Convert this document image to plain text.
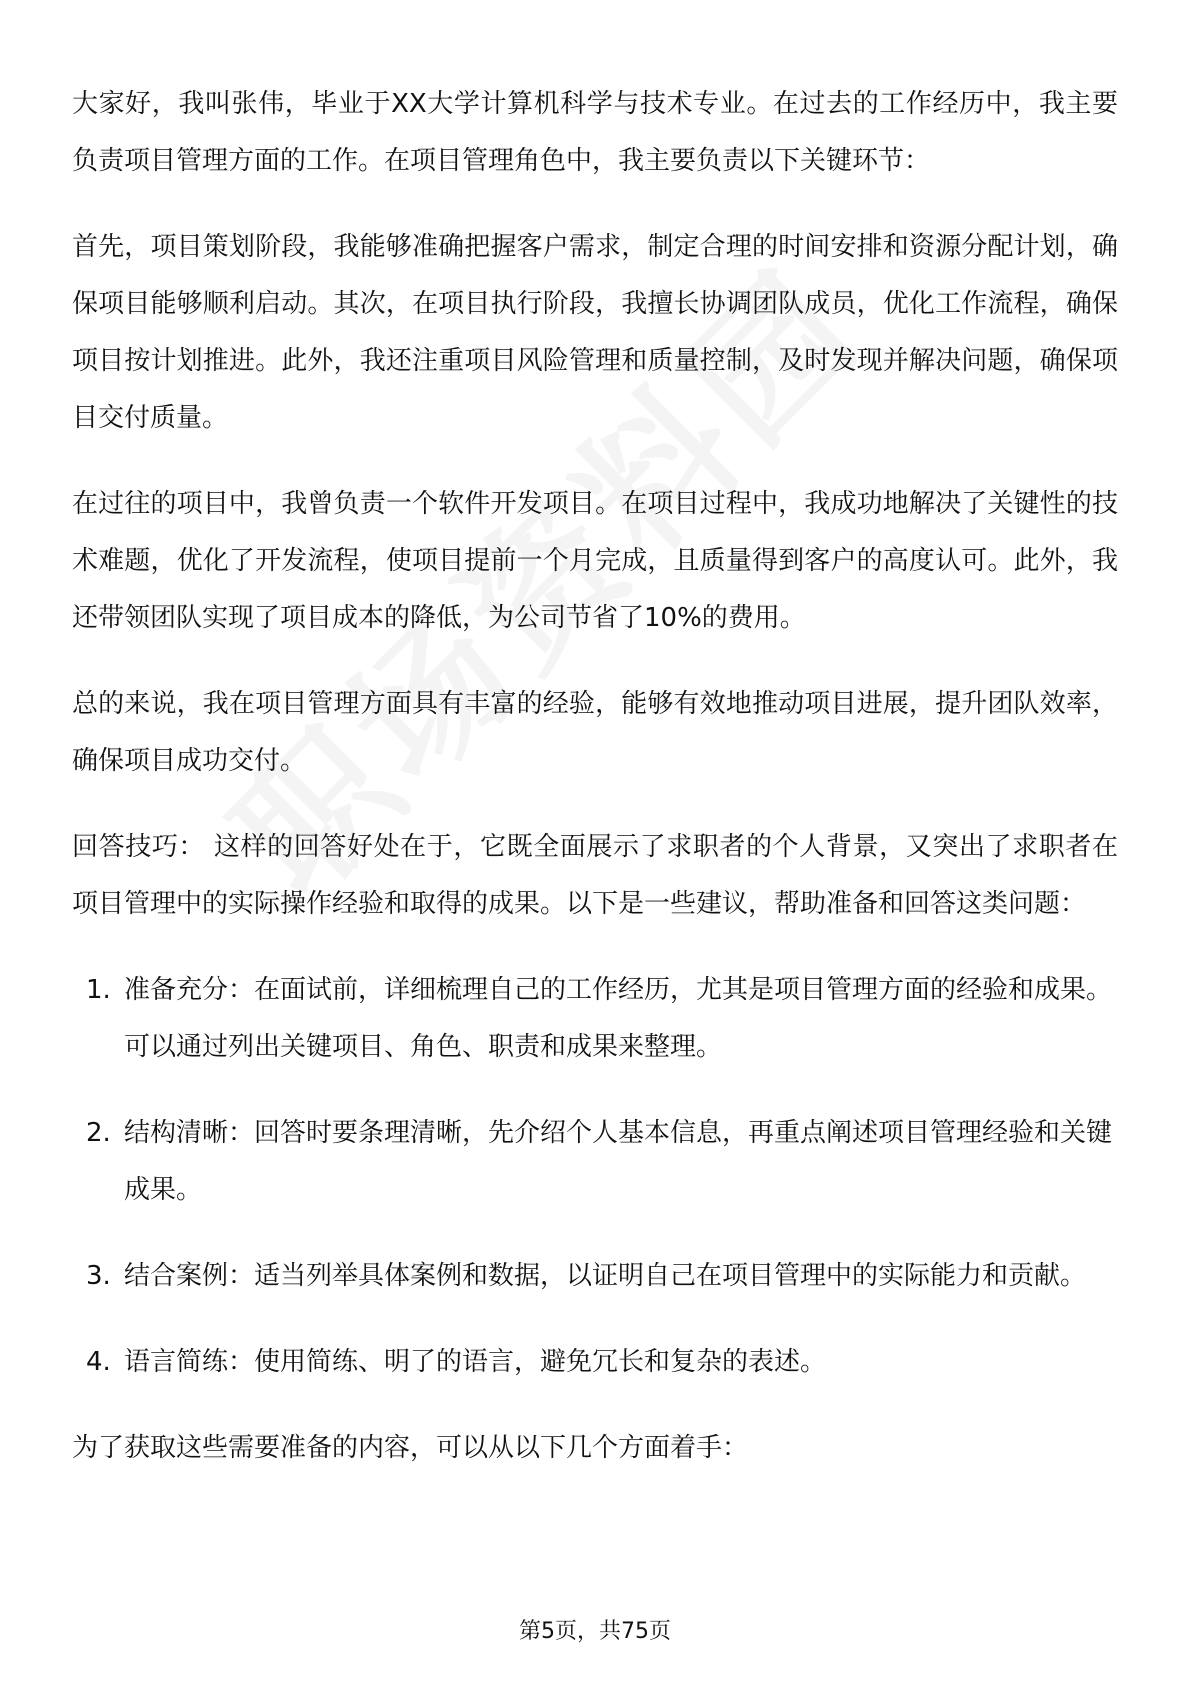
大家好，我叫张伟，毕业于XX大学计算机科学与技术专业。在过去的工作经历中，我主要负责项目管理方面的工作。在项目管理角色中，我主要负责以下关键环节：

首先，项目策划阶段，我能够准确把握客户需求，制定合理的时间安排和资源分配计划，确保项目能够顺利启动。其次，在项目执行阶段，我擅长协调团队成员，优化工作流程，确保项目按计划推进。此外，我还注重项目风险管理和质量控制，及时发现并解决问题，确保项目交付质量。

在过往的项目中，我曾负责一个软件开发项目。在项目过程中，我成功地解决了关键性的技术难题，优化了开发流程，使项目提前一个月完成，且质量得到客户的高度认可。此外，我还带领团队实现了项目成本的降低，为公司节省了10%的费用。

总的来说，我在项目管理方面具有丰富的经验，能够有效地推动项目进展，提升团队效率，确保项目成功交付。

回答技巧： 这样的回答好处在于，它既全面展示了求职者的个人背景，又突出了求职者在项目管理中的实际操作经验和取得的成果。以下是一些建议，帮助准备和回答这类问题：

1. 准备充分：在面试前，详细梳理自己的工作经历，尤其是项目管理方面的经验和成果。可以通过列出关键项目、角色、职责和成果来整理。
2. 结构清晰：回答时要条理清晰，先介绍个人基本信息，再重点阐述项目管理经验和关键成果。
3. 结合案例：适当列举具体案例和数据，以证明自己在项目管理中的实际能力和贡献。
4. 语言简练：使用简练、明了的语言，避免冗长和复杂的表述。

为了获取这些需要准备的内容，可以从以下几个方面着手：

第5页，共75页
